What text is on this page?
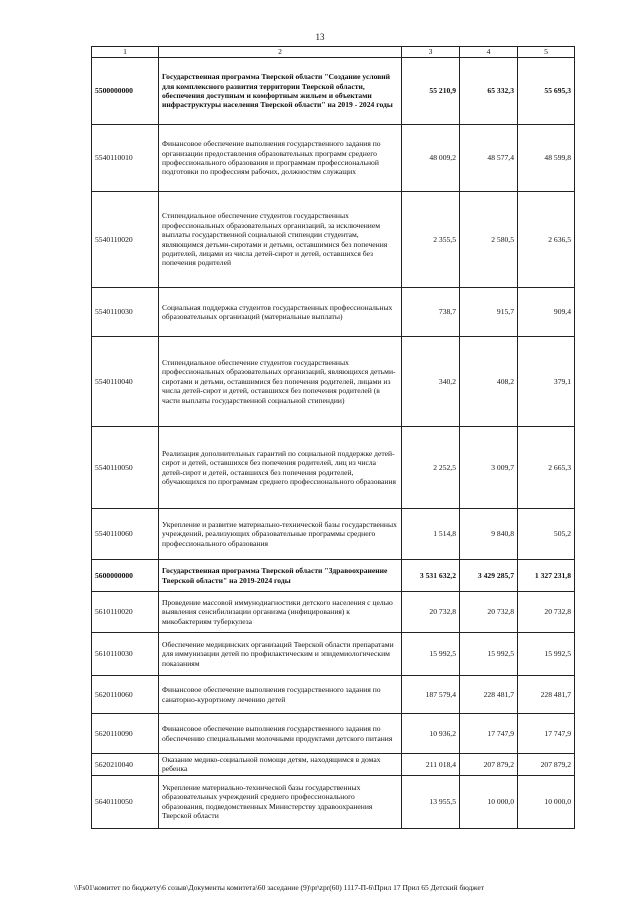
13
1	2	3	4	5
5500000000	Государственная программа Тверской области "Создание условий для комплексного развития территории Тверской области, обеспечения доступным и комфортным жильем и объектами инфраструктуры населения Тверской области" на 2019 - 2024 годы	55 210,9	65 332,3	55 695,3
5540110010	Финансовое обеспечение выполнения государственного задания по организации предоставления образовательных программ среднего профессионального образования и программам профессиональной подготовки по профессиям рабочих, должностям служащих	48 009,2	48 577,4	48 599,8
5540110020	Стипендиальное обеспечение студентов государственных профессиональных образовательных организаций, за исключением выплаты государственной социальной стипендии студентам, являющимся детьми-сиротами и детьми, оставшимися без попечения родителей, лицами из числа детей-сирот и детей, оставшихся без попечения родителей	2 355,5	2 580,5	2 636,5
5540110030	Социальная поддержка студентов государственных профессиональных образовательных организаций (материальные выплаты)	738,7	915,7	909,4
5540110040	Стипендиальное обеспечение студентов государственных профессиональных образовательных организаций, являющихся детьми-сиротами и детьми, оставшимися без попечения родителей, лицами из числа детей-сирот и детей, оставшихся без попечения родителей (в части выплаты государственной социальной стипендии)	340,2	408,2	379,1
5540110050	Реализация дополнительных гарантий по социальной поддержке детей-сирот и детей, оставшихся без попечения родителей, лиц из числа детей-сирот и детей, оставшихся без попечения родителей, обучающихся по программам среднего профессионального образования	2 252,5	3 009,7	2 665,3
5540110060	Укрепление и развитие материально-технической базы государственных учреждений, реализующих образовательные программы среднего профессионального образования	1 514,8	9 840,8	505,2
5600000000	Государственная программа Тверской области "Здравоохранение Тверской области" на 2019-2024 годы	3 531 632,2	3 429 285,7	1 327 231,8
5610110020	Проведение массовой иммунодиагностики детского населения с целью выявления сенсибилизации организма (инфицирования) к микобактериям туберкулеза	20 732,8	20 732,8	20 732,8
5610110030	Обеспечение медицинских организаций Тверской области препаратами для иммунизации детей по профилактическим и эпидемиологическим показаниям	15 992,5	15 992,5	15 992,5
5620110060	Финансовое обеспечение выполнения государственного задания по санаторно-курортному лечению детей	187 579,4	228 481,7	228 481,7
5620110090	Финансовое обеспечение выполнения государственного задания по обеспечению специальными молочными продуктами детского питания	10 936,2	17 747,9	17 747,9
5620210040	Оказание медико-социальной помощи детям, находящимся в домах ребенка	211 018,4	207 879,2	207 879,2
5640110050	Укрепление материально-технической базы государственных образовательных учреждений среднего профессионального образования, подведомственных Министерству здравоохранения Тверской области	13 955,5	10 000,0	10 000,0
\\Fs01\комитет по бюджету\6 созыв\Документы комитета\60 заседание (9)\pr\zpr(60) 1117-П-6\Прил 17 Прил 65 Детский бюджет
